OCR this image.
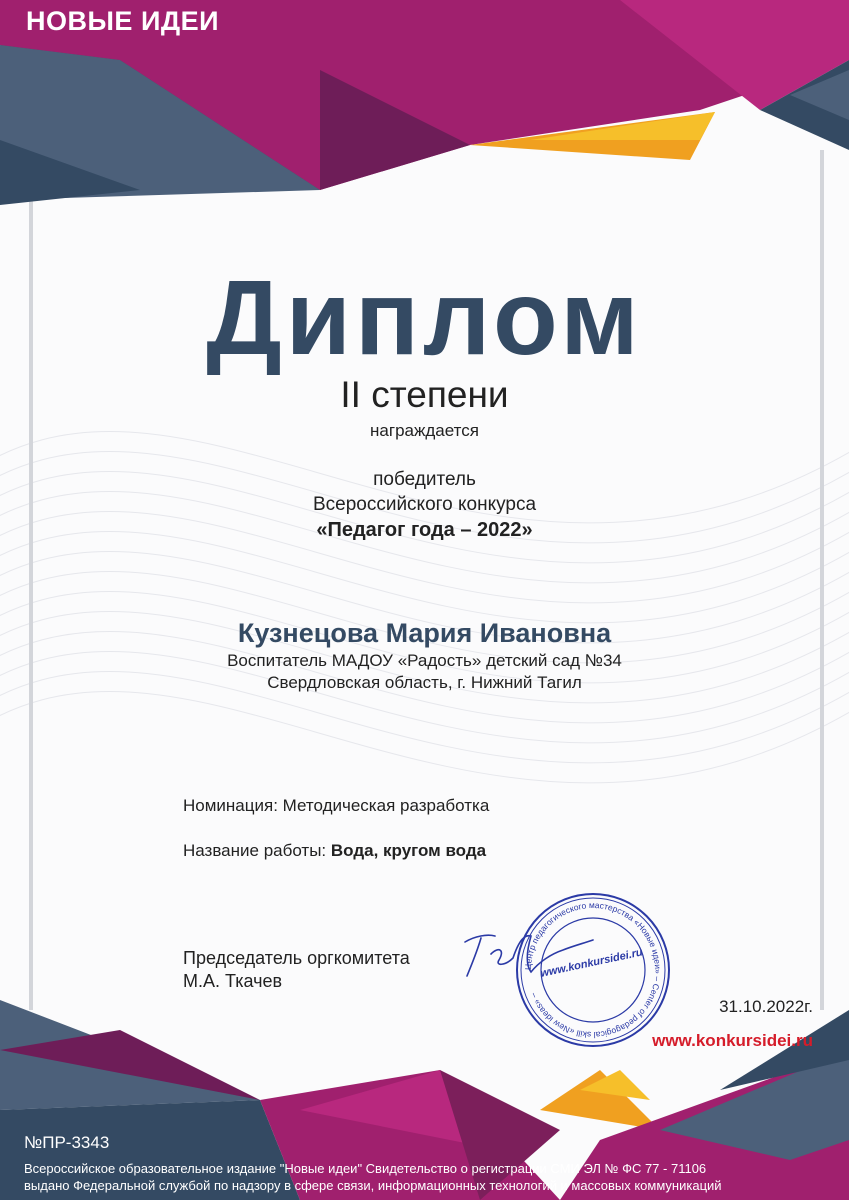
НОВЫЕ ИДЕИ

Диплом

II степени

награждается

победитель

Всероссийского конкурса

«Педагог года – 2022»

Кузнецова Мария Ивановна

Воспитатель МАДОУ «Радость» детский сад №34

Свердловская область, г. Нижний Тагил

Номинация: Методическая разработка

Название работы: Вода, кругом вода

Председатель оргкомитета

М.А. Ткачев

Центр педагогического мастерства «Новые идеи» – Center of pedagogical skill «New ideas» –
www.konkursidei.ru

31.10.2022г.

www.konkursidei.ru

№ПР-3343

Всероссийское образовательное издание "Новые идеи" Свидетельство о регистрации СМИ ЭЛ № ФС 77 - 71106

выдано Федеральной службой по надзору в сфере связи, информационных технологий и массовых коммуникаций
